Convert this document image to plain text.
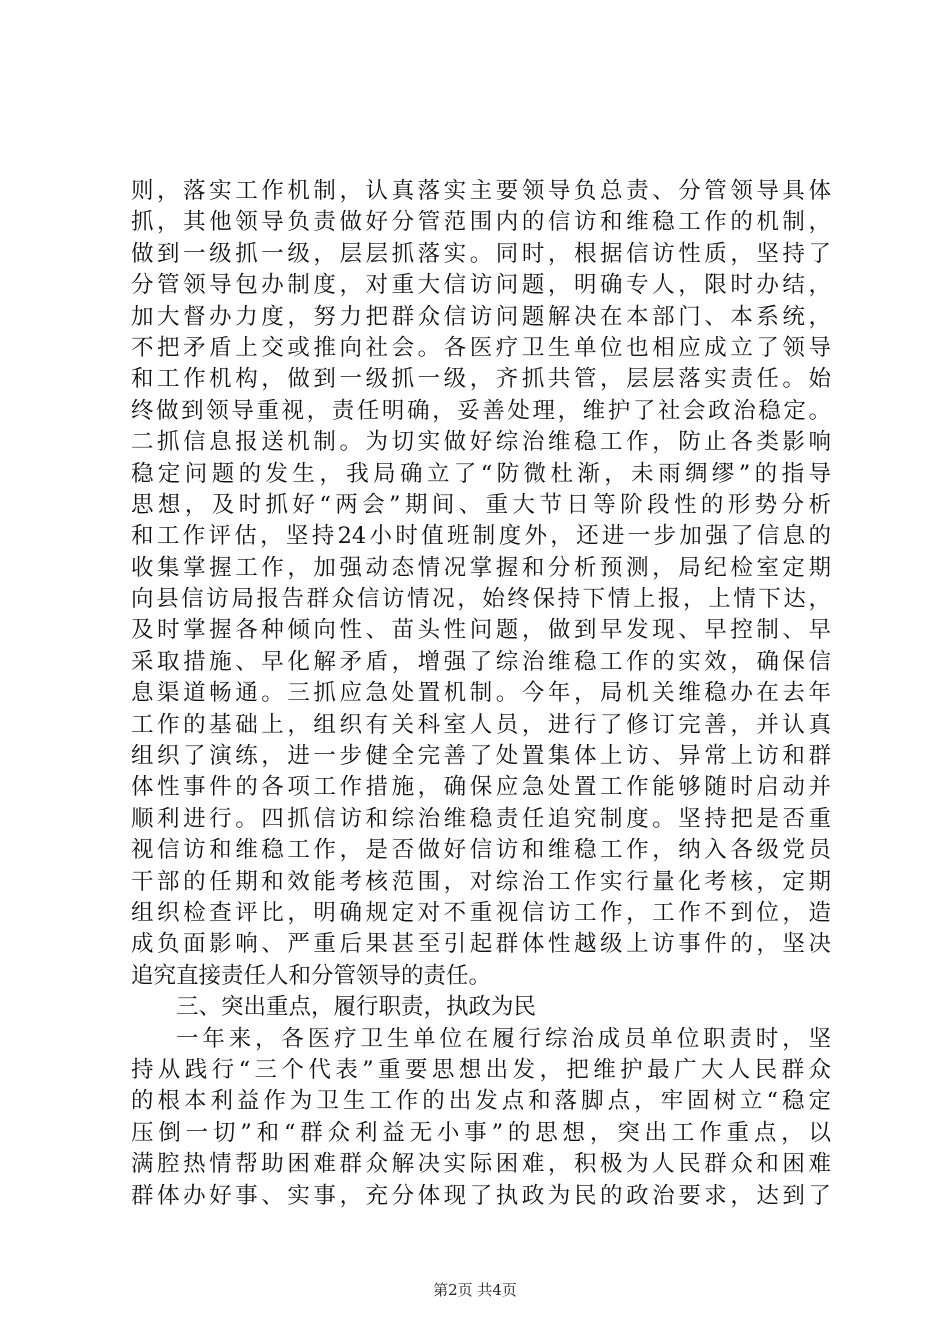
则，落实工作机制，认真落实主要领导负总责、分管领导具体
抓，其他领导负责做好分管范围内的信访和维稳工作的机制，
做到一级抓一级，层层抓落实。同时，根据信访性质，坚持了
分管领导包办制度，对重大信访问题，明确专人，限时办结，
加大督办力度，努力把群众信访问题解决在本部门、本系统，
不把矛盾上交或推向社会。各医疗卫生单位也相应成立了领导
和工作机构，做到一级抓一级，齐抓共管，层层落实责任。始
终做到领导重视，责任明确，妥善处理，维护了社会政治稳定。
二抓信息报送机制。为切实做好综治维稳工作，防止各类影响
稳定问题的发生，我局确立了“防微杜渐，未雨绸缪”的指导
思想，及时抓好“两会”期间、重大节日等阶段性的形势分析
和工作评估，坚持24小时值班制度外，还进一步加强了信息的
收集掌握工作，加强动态情况掌握和分析预测，局纪检室定期
向县信访局报告群众信访情况，始终保持下情上报，上情下达，
及时掌握各种倾向性、苗头性问题，做到早发现、早控制、早
采取措施、早化解矛盾，增强了综治维稳工作的实效，确保信
息渠道畅通。三抓应急处置机制。今年，局机关维稳办在去年
工作的基础上，组织有关科室人员，进行了修订完善，并认真
组织了演练，进一步健全完善了处置集体上访、异常上访和群
体性事件的各项工作措施，确保应急处置工作能够随时启动并
顺利进行。四抓信访和综治维稳责任追究制度。坚持把是否重
视信访和维稳工作，是否做好信访和维稳工作，纳入各级党员
干部的任期和效能考核范围，对综治工作实行量化考核，定期
组织检查评比，明确规定对不重视信访工作，工作不到位，造
成负面影响、严重后果甚至引起群体性越级上访事件的，坚决
追究直接责任人和分管领导的责任。
三、突出重点，履行职责，执政为民
一年来，各医疗卫生单位在履行综治成员单位职责时，坚
持从践行“三个代表”重要思想出发，把维护最广大人民群众
的根本利益作为卫生工作的出发点和落脚点，牢固树立“稳定
压倒一切”和“群众利益无小事”的思想，突出工作重点，以
满腔热情帮助困难群众解决实际困难，积极为人民群众和困难
群体办好事、实事，充分体现了执政为民的政治要求，达到了
第2页 共4页
